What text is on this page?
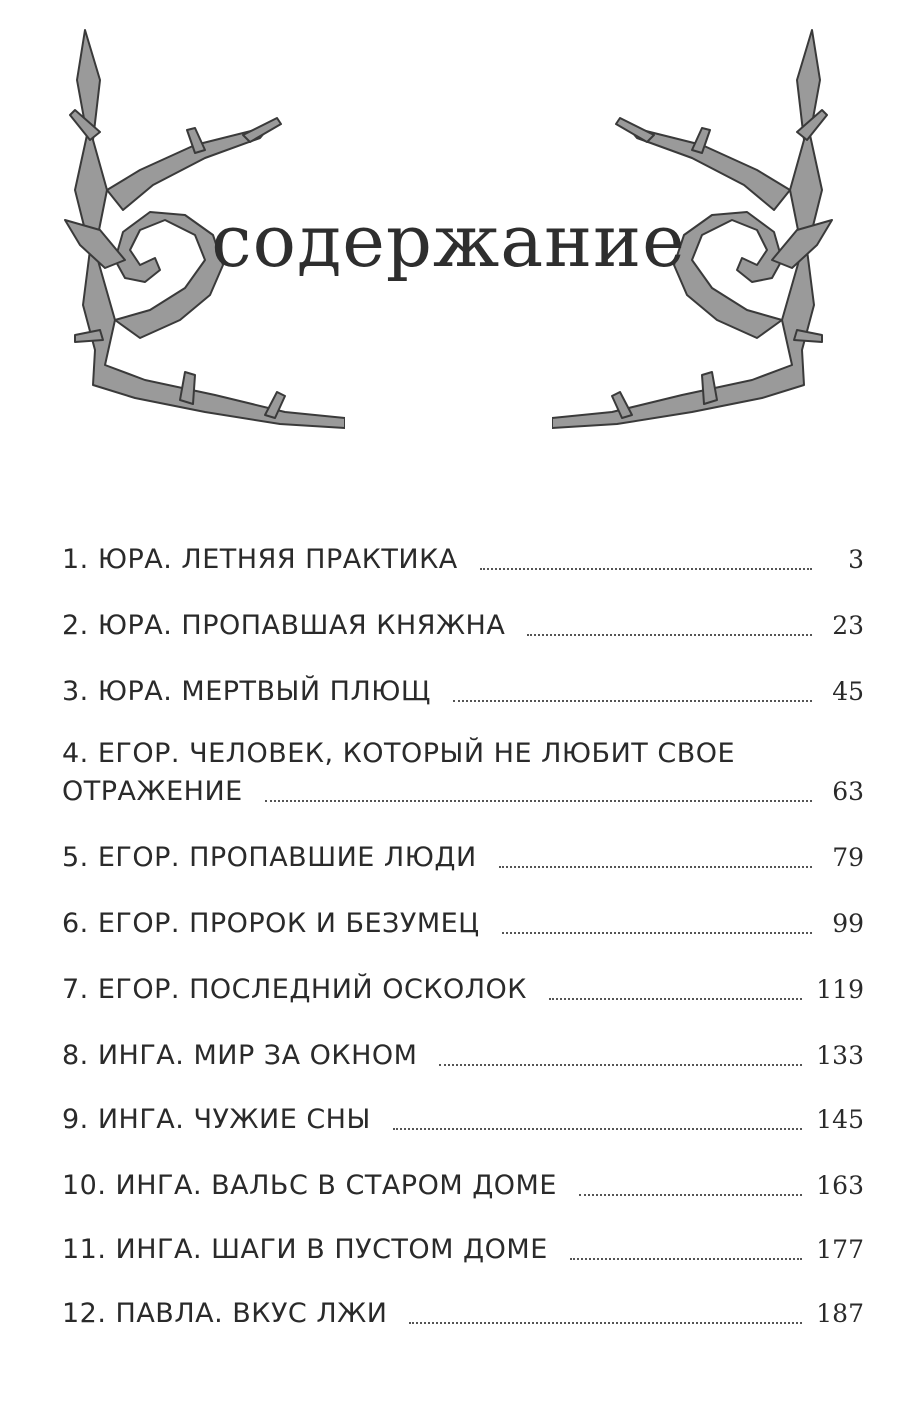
содержание
1. ЮРА. ЛЕТНЯЯ ПРАКТИКА	3
2. ЮРА. ПРОПАВШАЯ КНЯЖНА	23
3. ЮРА. МЕРТВЫЙ ПЛЮЩ	45
4. ЕГОР. ЧЕЛОВЕК, КОТОРЫЙ НЕ ЛЮБИТ СВОЕ
ОТРАЖЕНИЕ	63
5. ЕГОР. ПРОПАВШИЕ ЛЮДИ	79
6. ЕГОР. ПРОРОК И БЕЗУМЕЦ	99
7. ЕГОР. ПОСЛЕДНИЙ ОСКОЛОК	119
8. ИНГА. МИР ЗА ОКНОМ	133
9. ИНГА. ЧУЖИЕ СНЫ	145
10. ИНГА. ВАЛЬС В СТАРОМ ДОМЕ	163
11. ИНГА. ШАГИ В ПУСТОМ ДОМЕ	177
12. ПАВЛА. ВКУС ЛЖИ	187
